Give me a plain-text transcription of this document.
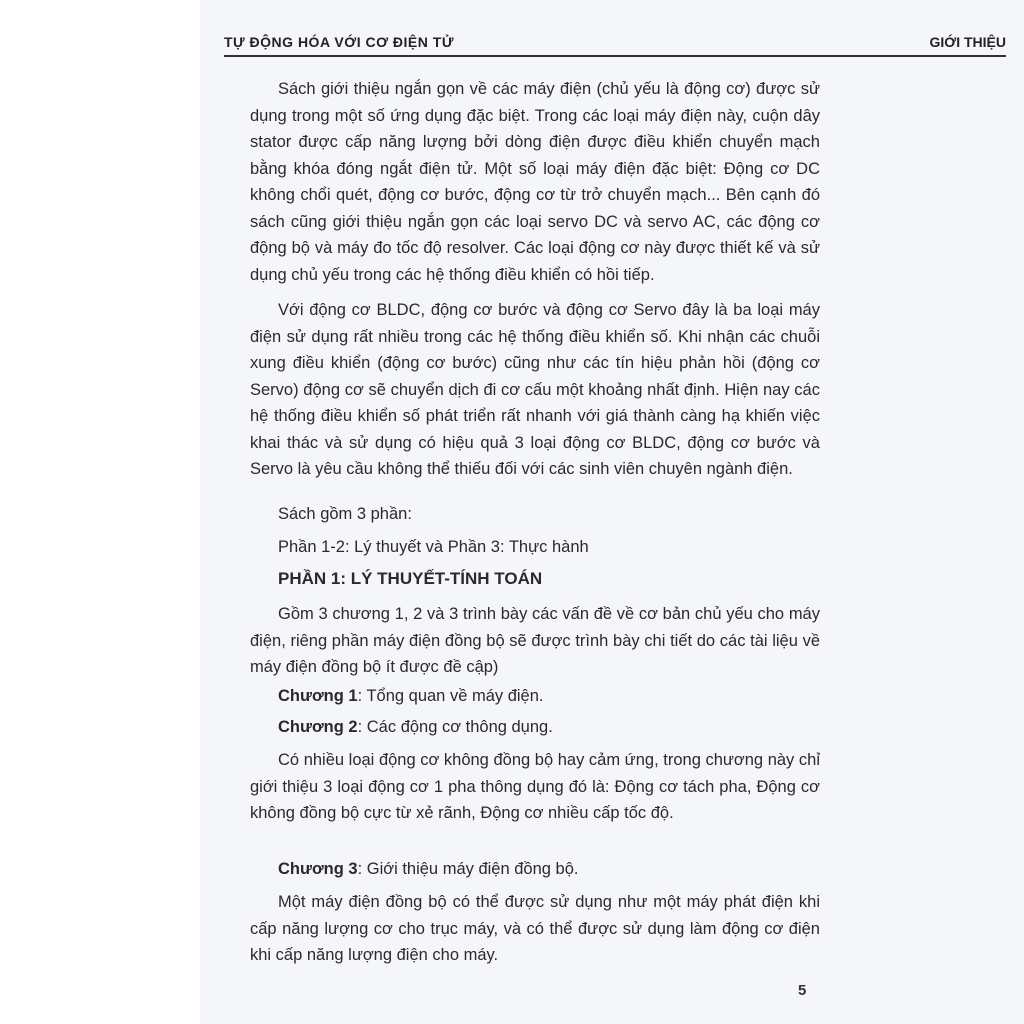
TỰ ĐỘNG HÓA VỚI CƠ ĐIỆN TỬ	GIỚI THIỆU

Sách giới thiệu ngắn gọn về các máy điện (chủ yếu là động cơ) được sử dụng trong một số ứng dụng đặc biệt. Trong các loại máy điện này, cuộn dây stator được cấp năng lượng bởi dòng điện được điều khiển chuyển mạch bằng khóa đóng ngắt điện tử. Một số loại máy điện đặc biệt: Động cơ DC không chổi quét, động cơ bước, động cơ từ trở chuyển mạch... Bên cạnh đó sách cũng giới thiệu ngắn gọn các loại servo DC và servo AC, các động cơ động bộ và máy đo tốc độ resolver. Các loại động cơ này được thiết kế và sử dụng chủ yếu trong các hệ thống điều khiển có hồi tiếp.

Với động cơ BLDC, động cơ bước và động cơ Servo đây là ba loại máy điện sử dụng rất nhiều trong các hệ thống điều khiển số. Khi nhận các chuỗi xung điều khiển (động cơ bước) cũng như các tín hiệu phản hồi (động cơ Servo) động cơ sẽ chuyển dịch đi cơ cấu một khoảng nhất định. Hiện nay các hệ thống điều khiển số phát triển rất nhanh với giá thành càng hạ khiến việc khai thác và sử dụng có hiệu quả 3 loại động cơ BLDC, động cơ bước và Servo là yêu cầu không thể thiếu đối với các sinh viên chuyên ngành điện.

Sách gồm 3 phần:

Phần 1-2: Lý thuyết và Phần 3: Thực hành

PHẦN 1: LÝ THUYẾT-TÍNH TOÁN

Gồm 3 chương 1, 2 và 3 trình bày các vấn đề về cơ bản chủ yếu cho máy điện, riêng phần máy điện đồng bộ sẽ được trình bày chi tiết do các tài liệu về máy điện đồng bộ ít được đề cập)

Chương 1: Tổng quan về máy điện.

Chương 2: Các động cơ thông dụng.

Có nhiều loại động cơ không đồng bộ hay cảm ứng, trong chương này chỉ giới thiệu 3 loại động cơ 1 pha thông dụng đó là: Động cơ tách pha, Động cơ không đồng bộ cực từ xẻ rãnh, Động cơ nhiều cấp tốc độ.

Chương 3: Giới thiệu máy điện đồng bộ.

Một máy điện đồng bộ có thể được sử dụng như một máy phát điện khi cấp năng lượng cơ cho trục máy, và có thể được sử dụng làm động cơ điện khi cấp năng lượng điện cho máy.

5
